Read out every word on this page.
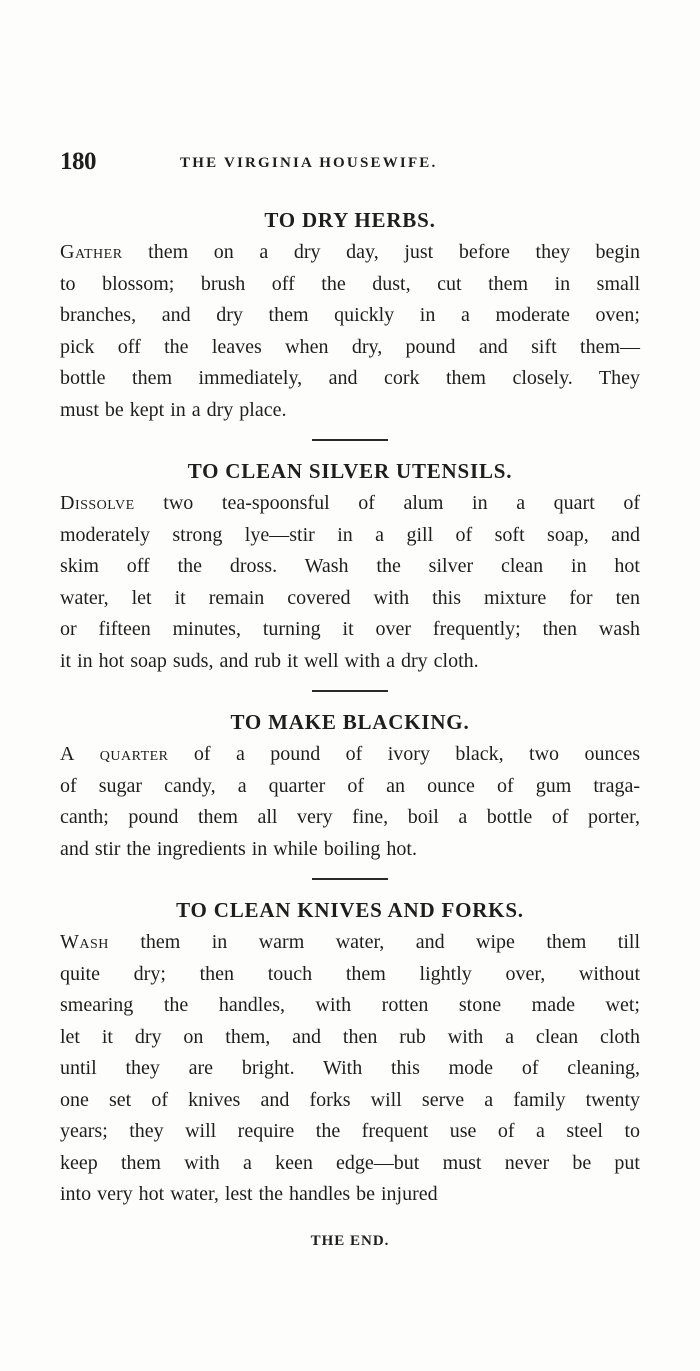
180	THE VIRGINIA HOUSEWIFE.
TO DRY HERBS.

Gather them on a dry day, just before they begin
to blossom; brush off the dust, cut them in small
branches, and dry them quickly in a moderate oven;
pick off the leaves when dry, pound and sift them—
bottle them immediately, and cork them closely. They
must be kept in a dry place.

TO CLEAN SILVER UTENSILS.

Dissolve two tea-spoonsful of alum in a quart of
moderately strong lye—stir in a gill of soft soap, and
skim off the dross. Wash the silver clean in hot
water, let it remain covered with this mixture for ten
or fifteen minutes, turning it over frequently; then wash
it in hot soap suds, and rub it well with a dry cloth.

TO MAKE BLACKING.

A quarter of a pound of ivory black, two ounces
of sugar candy, a quarter of an ounce of gum traga-
canth; pound them all very fine, boil a bottle of porter,
and stir the ingredients in while boiling hot.

TO CLEAN KNIVES AND FORKS.

Wash them in warm water, and wipe them till
quite dry; then touch them lightly over, without
smearing the handles, with rotten stone made wet;
let it dry on them, and then rub with a clean cloth
until they are bright. With this mode of cleaning,
one set of knives and forks will serve a family twenty
years; they will require the frequent use of a steel to
keep them with a keen edge—but must never be put
into very hot water, lest the handles be injured

THE END.
